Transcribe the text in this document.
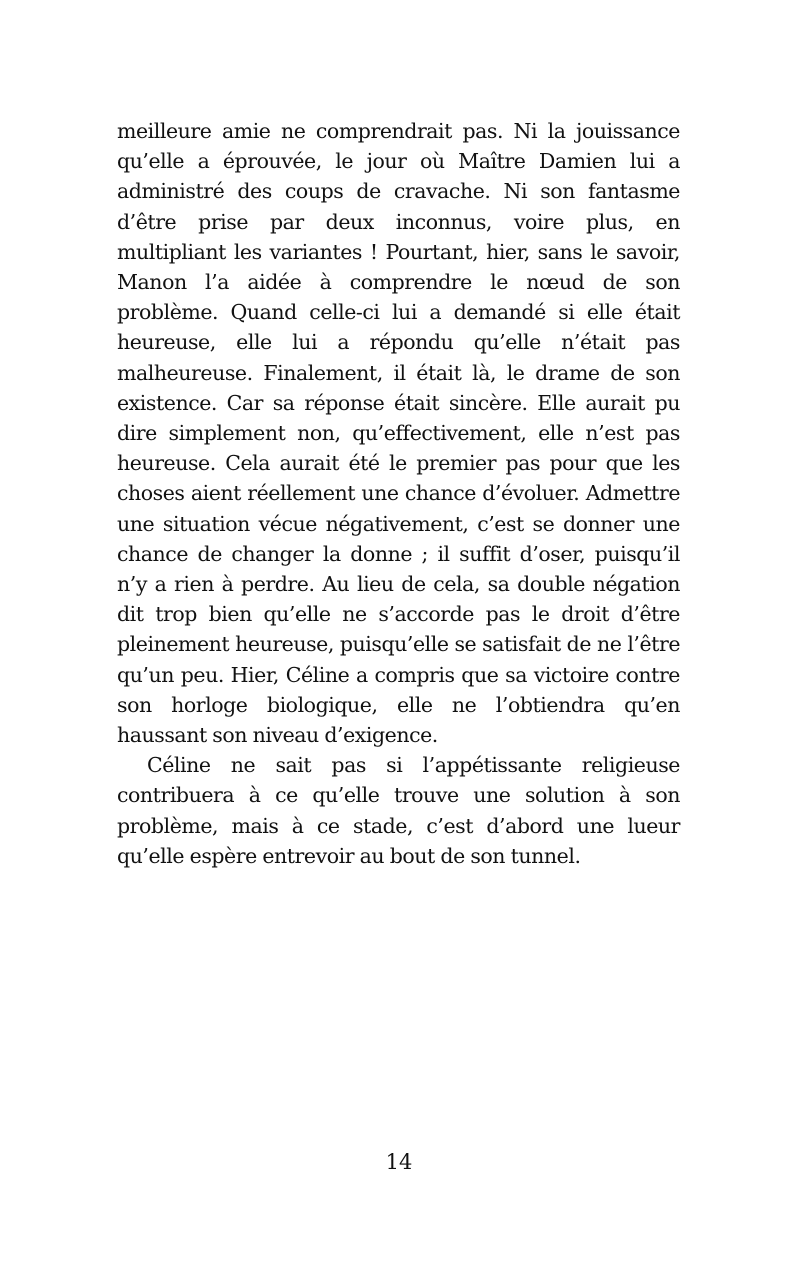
meilleure amie ne comprendrait pas. Ni la jouissance qu’elle a éprouvée, le jour où Maître Damien lui a administré des coups de cravache. Ni son fantasme d’être prise par deux inconnus, voire plus, en multipliant les variantes ! Pourtant, hier, sans le savoir, Manon l’a aidée à comprendre le nœud de son problème. Quand celle-ci lui a demandé si elle était heureuse, elle lui a répondu qu’elle n’était pas malheureuse. Finalement, il était là, le drame de son existence. Car sa réponse était sincère. Elle aurait pu dire simplement non, qu’effectivement, elle n’est pas heureuse. Cela aurait été le premier pas pour que les choses aient réellement une chance d’évoluer. Admettre une situation vécue négativement, c’est se donner une chance de changer la donne ; il suffit d’oser, puisqu’il n’y a rien à perdre. Au lieu de cela, sa double négation dit trop bien qu’elle ne s’accorde pas le droit d’être pleinement heureuse, puisqu’elle se satisfait de ne l’être qu’un peu. Hier, Céline a compris que sa victoire contre son horloge biologique, elle ne l’obtiendra qu’en haussant son niveau d’exigence.

Céline ne sait pas si l’appétissante religieuse contribuera à ce qu’elle trouve une solution à son problème, mais à ce stade, c’est d’abord une lueur qu’elle espère entrevoir au bout de son tunnel.

14
